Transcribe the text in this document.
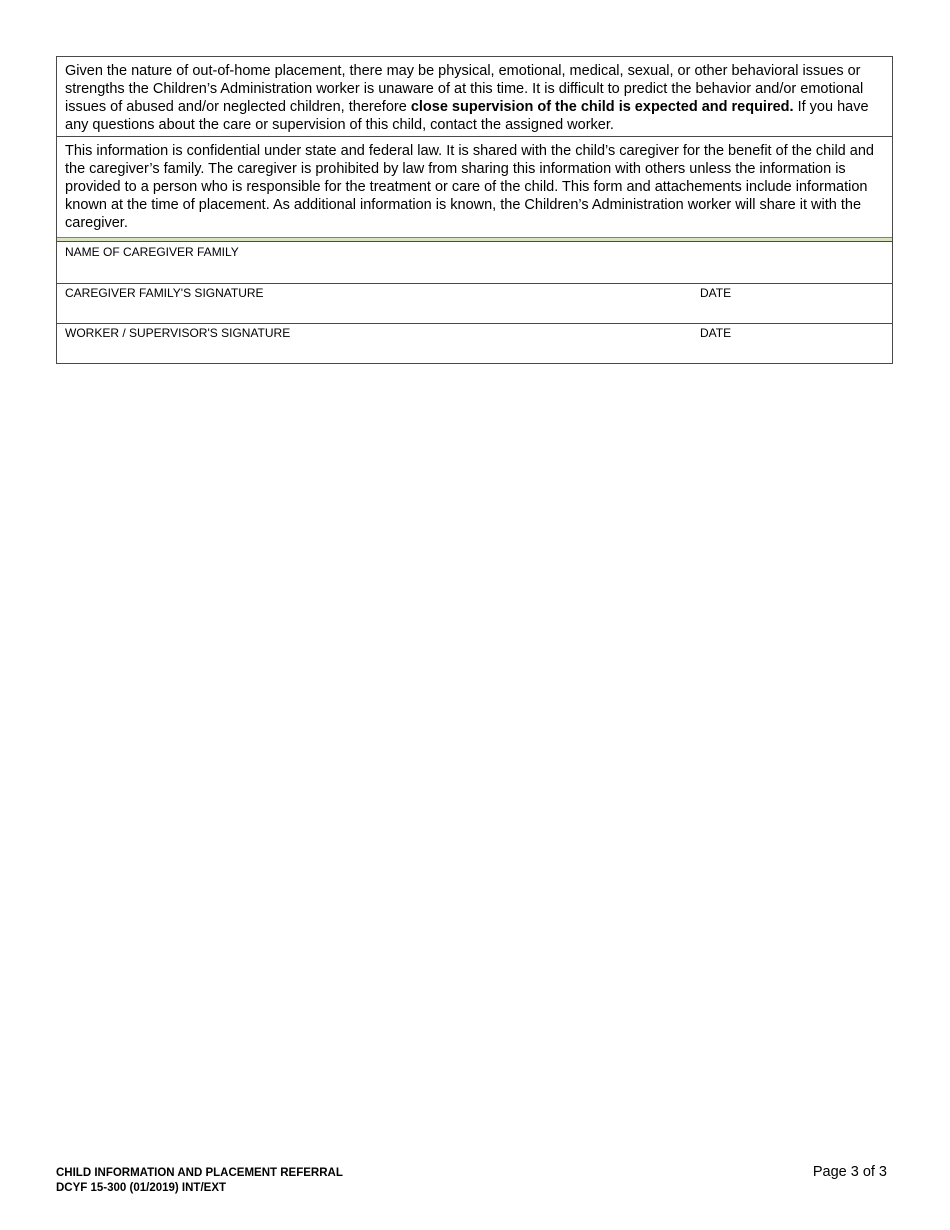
Given the nature of out-of-home placement, there may be physical, emotional, medical, sexual, or other behavioral issues or strengths the Children’s Administration worker is unaware of at this time. It is difficult to predict the behavior and/or emotional issues of abused and/or neglected children, therefore close supervision of the child is expected and required. If you have any questions about the care or supervision of this child, contact the assigned worker.
This information is confidential under state and federal law. It is shared with the child’s caregiver for the benefit of the child and the caregiver’s family. The caregiver is prohibited by law from sharing this information with others unless the information is provided to a person who is responsible for the treatment or care of the child. This form and attachements include information known at the time of placement. As additional information is known, the Children’s Administration worker will share it with the caregiver.
NAME OF CAREGIVER FAMILY
CAREGIVER FAMILY'S SIGNATURE	DATE
WORKER / SUPERVISOR'S SIGNATURE	DATE
CHILD INFORMATION AND PLACEMENT REFERRAL
DCYF 15-300 (01/2019) INT/EXT
Page 3 of 3
